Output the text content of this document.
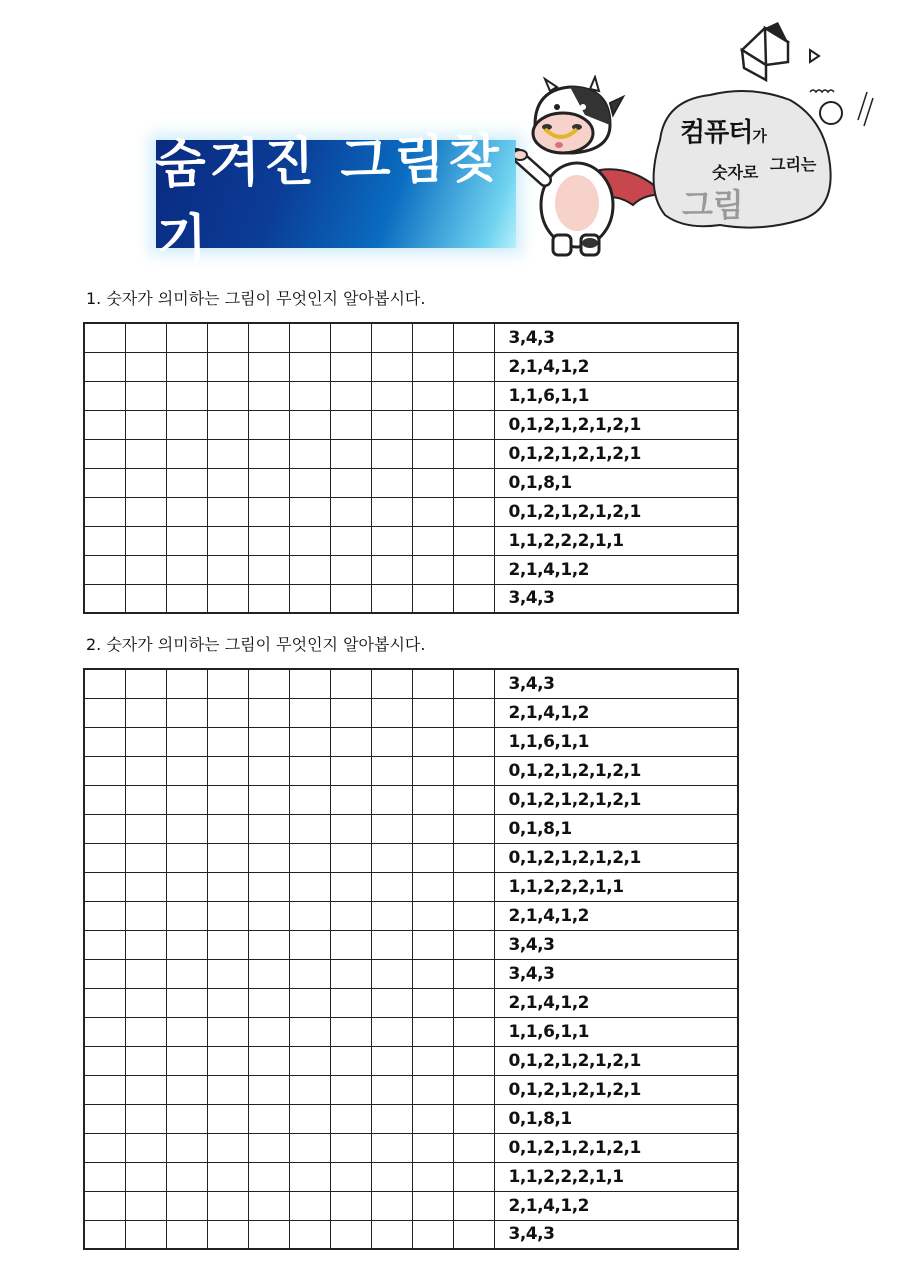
숨겨진 그림찾기
컴퓨터가
숫자로 그리는
그림
1. 숫자가 의미하는 그림이 무엇인지 알아봅시다.
										3,4,3
										2,1,4,1,2
										1,1,6,1,1
										0,1,2,1,2,1,2,1
										0,1,2,1,2,1,2,1
										0,1,8,1
										0,1,2,1,2,1,2,1
										1,1,2,2,2,1,1
										2,1,4,1,2
										3,4,3
2. 숫자가 의미하는 그림이 무엇인지 알아봅시다.
										3,4,3
										2,1,4,1,2
										1,1,6,1,1
										0,1,2,1,2,1,2,1
										0,1,2,1,2,1,2,1
										0,1,8,1
										0,1,2,1,2,1,2,1
										1,1,2,2,2,1,1
										2,1,4,1,2
										3,4,3
										3,4,3
										2,1,4,1,2
										1,1,6,1,1
										0,1,2,1,2,1,2,1
										0,1,2,1,2,1,2,1
										0,1,8,1
										0,1,2,1,2,1,2,1
										1,1,2,2,2,1,1
										2,1,4,1,2
										3,4,3
